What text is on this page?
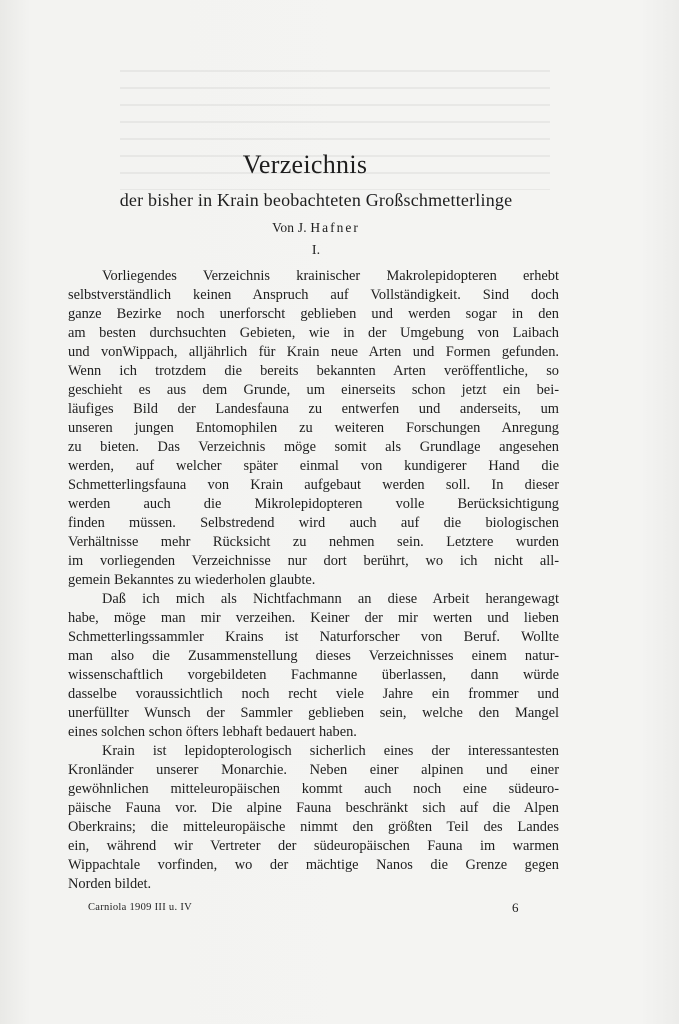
Verzeichnis
der bisher in Krain beobachteten Großschmetterlinge
Von J. Hafner
I.
Vorliegendes Verzeichnis krainischer Makrolepidopteren erhebt
selbstverständlich keinen Anspruch auf Vollständigkeit. Sind doch
ganze Bezirke noch unerforscht geblieben und werden sogar in den
am besten durchsuchten Gebieten, wie in der Umgebung von Laibach
und vonWippach, alljährlich für Krain neue Arten und Formen gefunden.
Wenn ich trotzdem die bereits bekannten Arten veröffentliche, so
geschieht es aus dem Grunde, um einerseits schon jetzt ein bei-
läufiges Bild der Landesfauna zu entwerfen und anderseits, um
unseren jungen Entomophilen zu weiteren Forschungen Anregung
zu bieten. Das Verzeichnis möge somit als Grundlage angesehen
werden, auf welcher später einmal von kundigerer Hand die
Schmetterlingsfauna von Krain aufgebaut werden soll. In dieser
werden auch die Mikrolepidopteren volle Berücksichtigung
finden müssen. Selbstredend wird auch auf die biologischen
Verhältnisse mehr Rücksicht zu nehmen sein. Letztere wurden
im vorliegenden Verzeichnisse nur dort berührt, wo ich nicht all-
gemein Bekanntes zu wiederholen glaubte.
Daß ich mich als Nichtfachmann an diese Arbeit herangewagt
habe, möge man mir verzeihen. Keiner der mir werten und lieben
Schmetterlingssammler Krains ist Naturforscher von Beruf. Wollte
man also die Zusammenstellung dieses Verzeichnisses einem natur-
wissenschaftlich vorgebildeten Fachmanne überlassen, dann würde
dasselbe voraussichtlich noch recht viele Jahre ein frommer und
unerfüllter Wunsch der Sammler geblieben sein, welche den Mangel
eines solchen schon öfters lebhaft bedauert haben.
Krain ist lepidopterologisch sicherlich eines der interessantesten
Kronländer unserer Monarchie. Neben einer alpinen und einer
gewöhnlichen mitteleuropäischen kommt auch noch eine südeuro-
päische Fauna vor. Die alpine Fauna beschränkt sich auf die Alpen
Oberkrains; die mitteleuropäische nimmt den größten Teil des Landes
ein, während wir Vertreter der südeuropäischen Fauna im warmen
Wippachtale vorfinden, wo der mächtige Nanos die Grenze gegen
Norden bildet.
Carniola 1909 III u. IV	6
